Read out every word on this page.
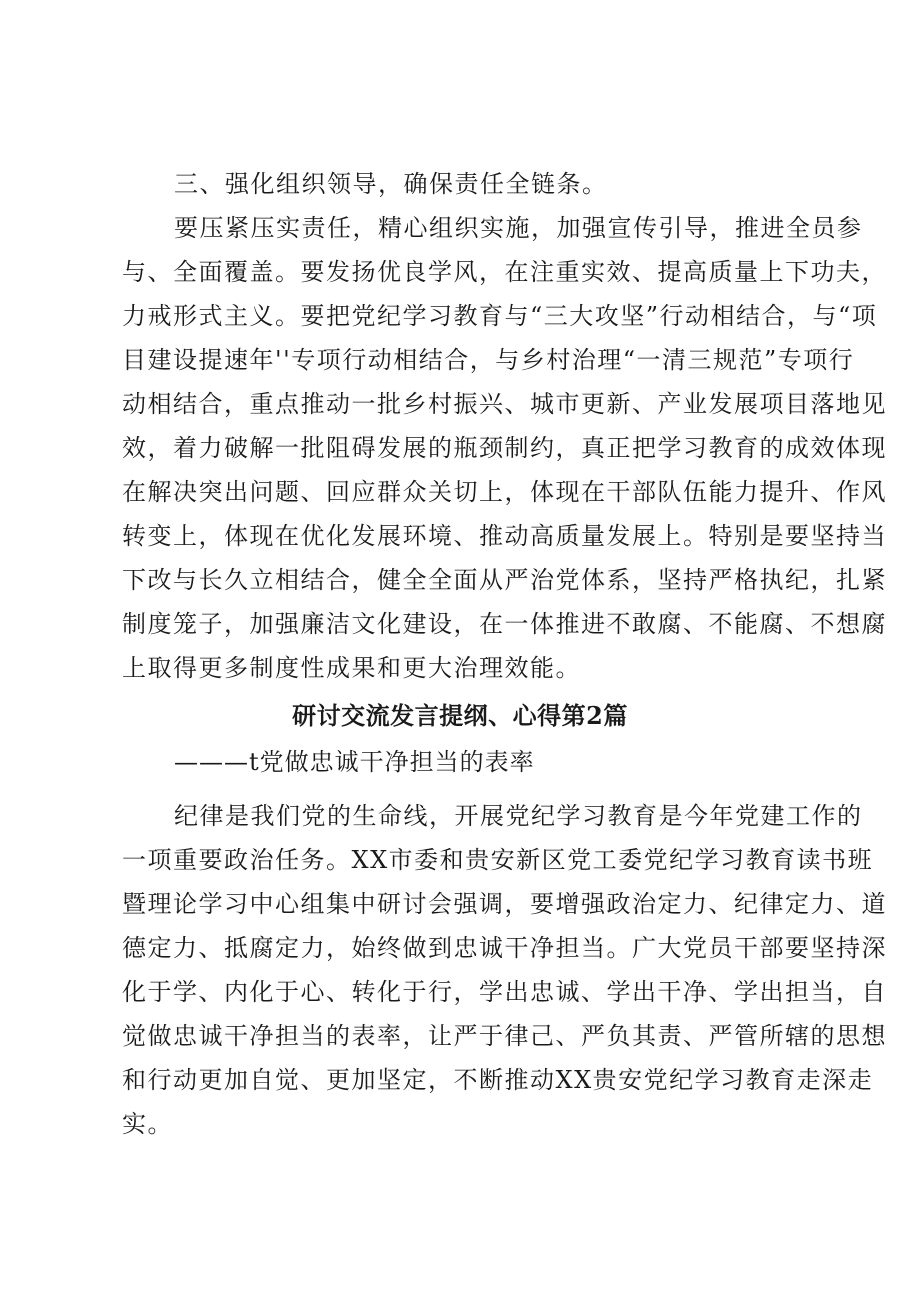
三、强化组织领导，确保责任全链条。
要压紧压实责任，精心组织实施，加强宣传引导，推进全员参
与、全面覆盖。要发扬优良学风，在注重实效、提高质量上下功夫，
力戒形式主义。要把党纪学习教育与“三大攻坚”行动相结合，与“项
目建设提速年''专项行动相结合，与乡村治理“一清三规范”专项行
动相结合，重点推动一批乡村振兴、城市更新、产业发展项目落地见
效，着力破解一批阻碍发展的瓶颈制约，真正把学习教育的成效体现
在解决突出问题、回应群众关切上，体现在干部队伍能力提升、作风
转变上，体现在优化发展环境、推动高质量发展上。特别是要坚持当
下改与长久立相结合，健全全面从严治党体系，坚持严格执纪，扎紧
制度笼子，加强廉洁文化建设，在一体推进不敢腐、不能腐、不想腐
上取得更多制度性成果和更大治理效能。
研讨交流发言提纲、心得第2篇
———t党做忠诚干净担当的表率
纪律是我们党的生命线，开展党纪学习教育是今年党建工作的
一项重要政治任务。XX市委和贵安新区党工委党纪学习教育读书班
暨理论学习中心组集中研讨会强调，要增强政治定力、纪律定力、道
德定力、抵腐定力，始终做到忠诚干净担当。广大党员干部要坚持深
化于学、内化于心、转化于行，学出忠诚、学出干净、学出担当，自
觉做忠诚干净担当的表率，让严于律己、严负其责、严管所辖的思想
和行动更加自觉、更加坚定，不断推动XX贵安党纪学习教育走深走
实。
